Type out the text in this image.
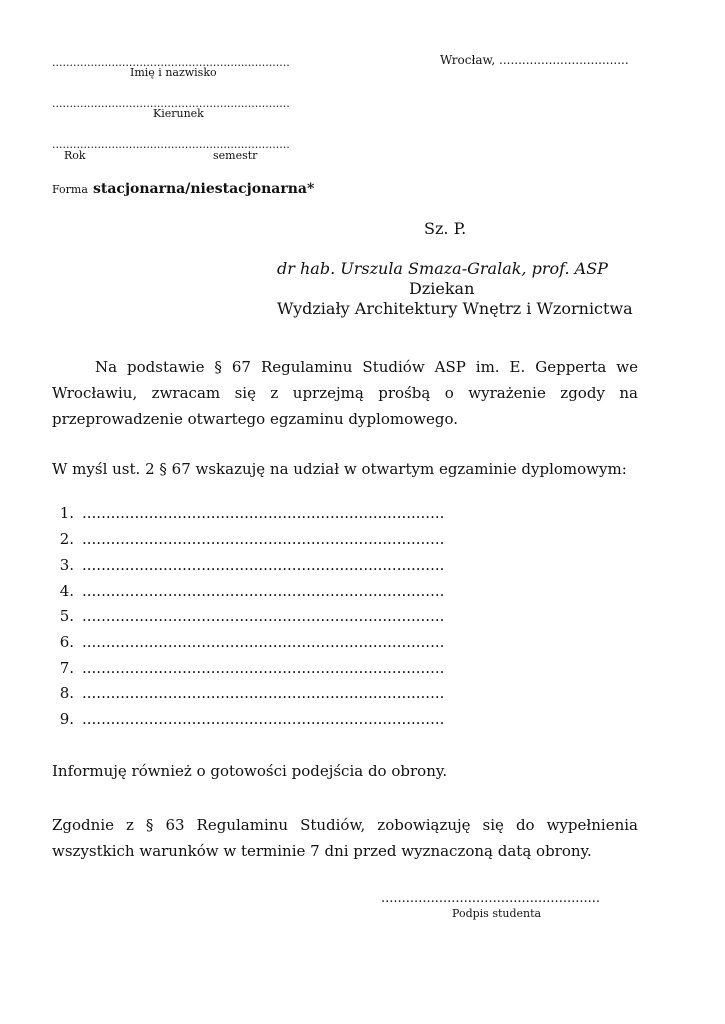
....................................................................
Imię i nazwisko
Wrocław, ..................................
....................................................................
Kierunek
....................................................................
Rok	semestr
Forma stacjonarna/niestacjonarna*
Sz. P.
dr hab. Urszula Smaza-Gralak, prof. ASP
Dziekan
Wydziały Architektury Wnętrz i Wzornictwa
Na podstawie § 67 Regulaminu Studiów ASP im. E. Gepperta we Wrocławiu, zwracam się z uprzejmą prośbą o wyrażenie zgody na przeprowadzenie otwartego egzaminu dyplomowego.
W myśl ust. 2 § 67 wskazuję na udział w otwartym egzaminie dyplomowym:
1. ............................................................................
2. ............................................................................
3. ............................................................................
4. ............................................................................
5. ............................................................................
6. ............................................................................
7. ............................................................................
8. ............................................................................
9. ............................................................................
Informuję również o gotowości podejścia do obrony.
Zgodnie z § 63 Regulaminu Studiów, zobowiązuję się do wypełnienia wszystkich warunków w terminie 7 dni przed wyznaczoną datą obrony.
.....................................................
Podpis studenta
